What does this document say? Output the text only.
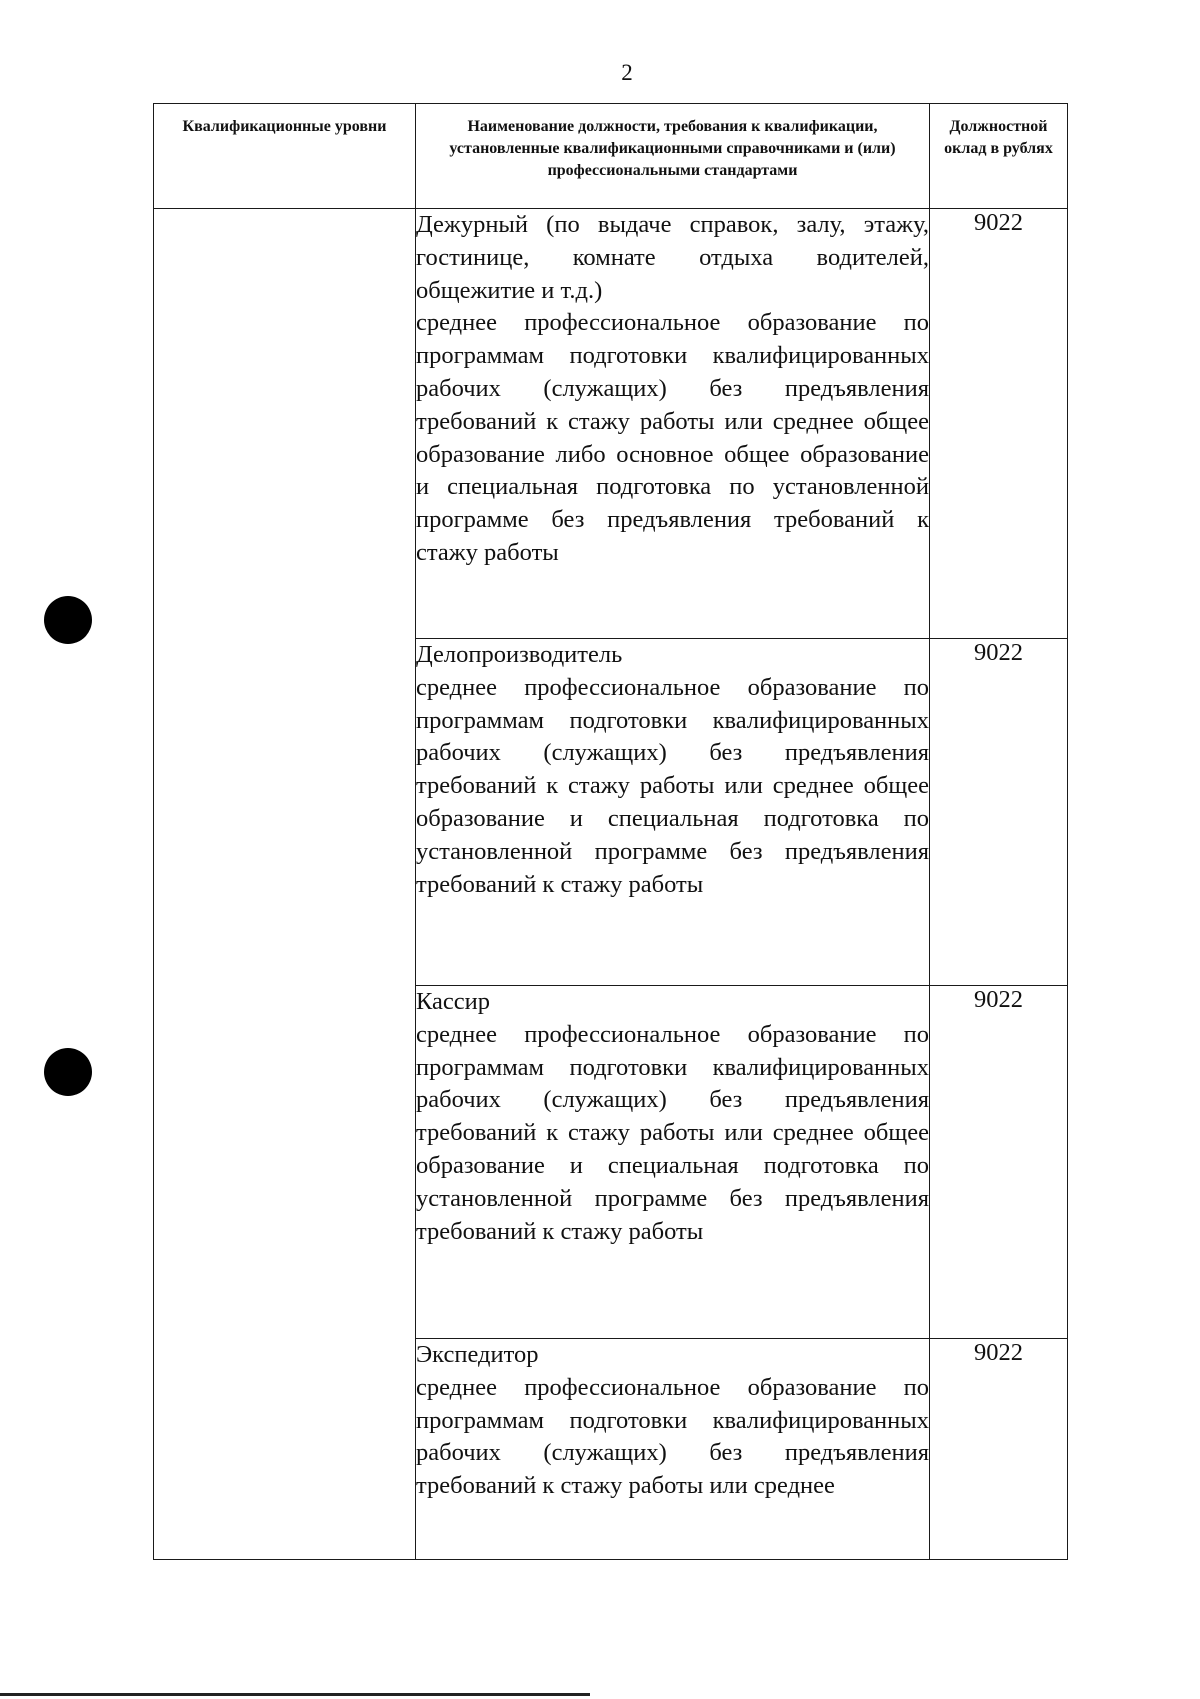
2
Квалификационные уровни	Наименование должности, требования к квалификации, установленные квалификационными справочниками и (или) профессиональными стандартами	Должностной оклад в рублях

	Дежурный (по выдаче справок, залу, этажу, гостинице, комнате отдыха водителей, общежитие и т.д.)

среднее профессиональное образование по программам подготовки квалифицированных рабочих (служащих) без предъявления требований к стажу работы или среднее общее образование либо основное общее образование и специальная подготовка по установленной программе без предъявления требований к стажу работы	9022

	Делопроизводитель

среднее профессиональное образование по программам подготовки квалифицированных рабочих (служащих) без предъявления требований к стажу работы или среднее общее образование и специальная подготовка по установленной программе без предъявления требований к стажу работы	9022

	Кассир

среднее профессиональное образование по программам подготовки квалифицированных рабочих (служащих) без предъявления требований к стажу работы или среднее общее образование и специальная подготовка по установленной программе без предъявления требований к стажу работы	9022

	Экспедитор

среднее профессиональное образование по программам подготовки квалифицированных рабочих (служащих) без предъявления требований к стажу работы или среднее	9022
